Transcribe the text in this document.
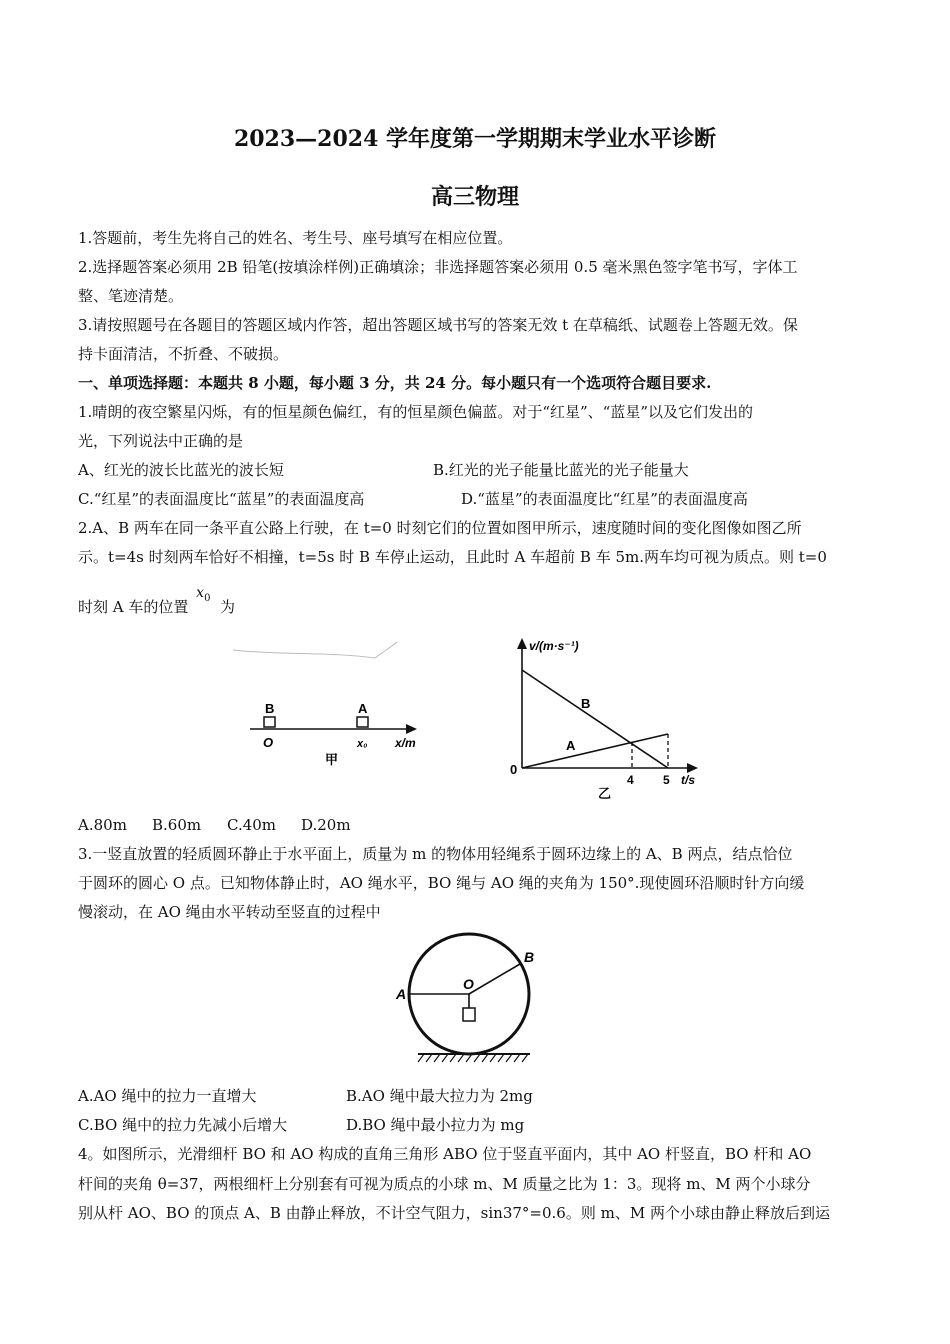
2023—2024 学年度第一学期期末学业水平诊断
高三物理
1.答题前，考生先将自己的姓名、考生号、座号填写在相应位置。
2.选择题答案必须用 2B 铅笔(按填涂样例)正确填涂；非选择题答案必须用 0.5 毫米黑色签字笔书写，字体工
整、笔迹清楚。
3.请按照题号在各题目的答题区域内作答，超出答题区域书写的答案无效 t 在草稿纸、试题卷上答题无效。保
持卡面清洁，不折叠、不破损。
一、单项选择题：本题共 8 小题，每小题 3 分，共 24 分。每小题只有一个选项符合题目要求.
1.晴朗的夜空繁星闪烁，有的恒星颜色偏红，有的恒星颜色偏蓝。对于“红星”、“蓝星”以及它们发出的
光，下列说法中正确的是
A、红光的波长比蓝光的波长短	B.红光的光子能量比蓝光的光子能量大
C.“红星”的表面温度比“蓝星”的表面温度高	D.“蓝星”的表面温度比“红星”的表面温度高
2.A、B 两车在同一条平直公路上行驶，在 t=0 时刻它们的位置如图甲所示，速度随时间的变化图像如图乙所
示。t=4s 时刻两车恰好不相撞，t=5s 时 B 车停止运动，且此时 A 车超前 B 车 5m.两车均可视为质点。则 t=0
时刻 A 车的位置
x 0 为
B	A
O	x₀ x/m
甲
v/(m·s⁻¹)
0
4 5 t/s
B
A
乙
A.80m B.60m C.40m D.20m
3.一竖直放置的轻质圆环静止于水平面上，质量为 m 的物体用轻绳系于圆环边缘上的 A、B 两点，结点恰位
于圆环的圆心 O 点。已知物体静止时，AO 绳水平，BO 绳与 AO 绳的夹角为 150°.现使圆环沿顺时针方向缓
慢滚动，在 AO 绳由水平转动至竖直的过程中
A
B
O
A.AO 绳中的拉力一直增大	B.AO 绳中最大拉力为 2mg
C.BO 绳中的拉力先减小后增大	D.BO 绳中最小拉力为 mg
4。如图所示，光滑细杆 BO 和 AO 构成的直角三角形 ABO 位于竖直平面内，其中 AO 杆竖直，BO 杆和 AO
杆间的夹角 θ=37，两根细杆上分别套有可视为质点的小球 m、M 质量之比为 1：3。现将 m、M 两个小球分
别从杆 AO、BO 的顶点 A、B 由静止释放，不计空气阻力，sin37°=0.6。则 m、M 两个小球由静止释放后到运
